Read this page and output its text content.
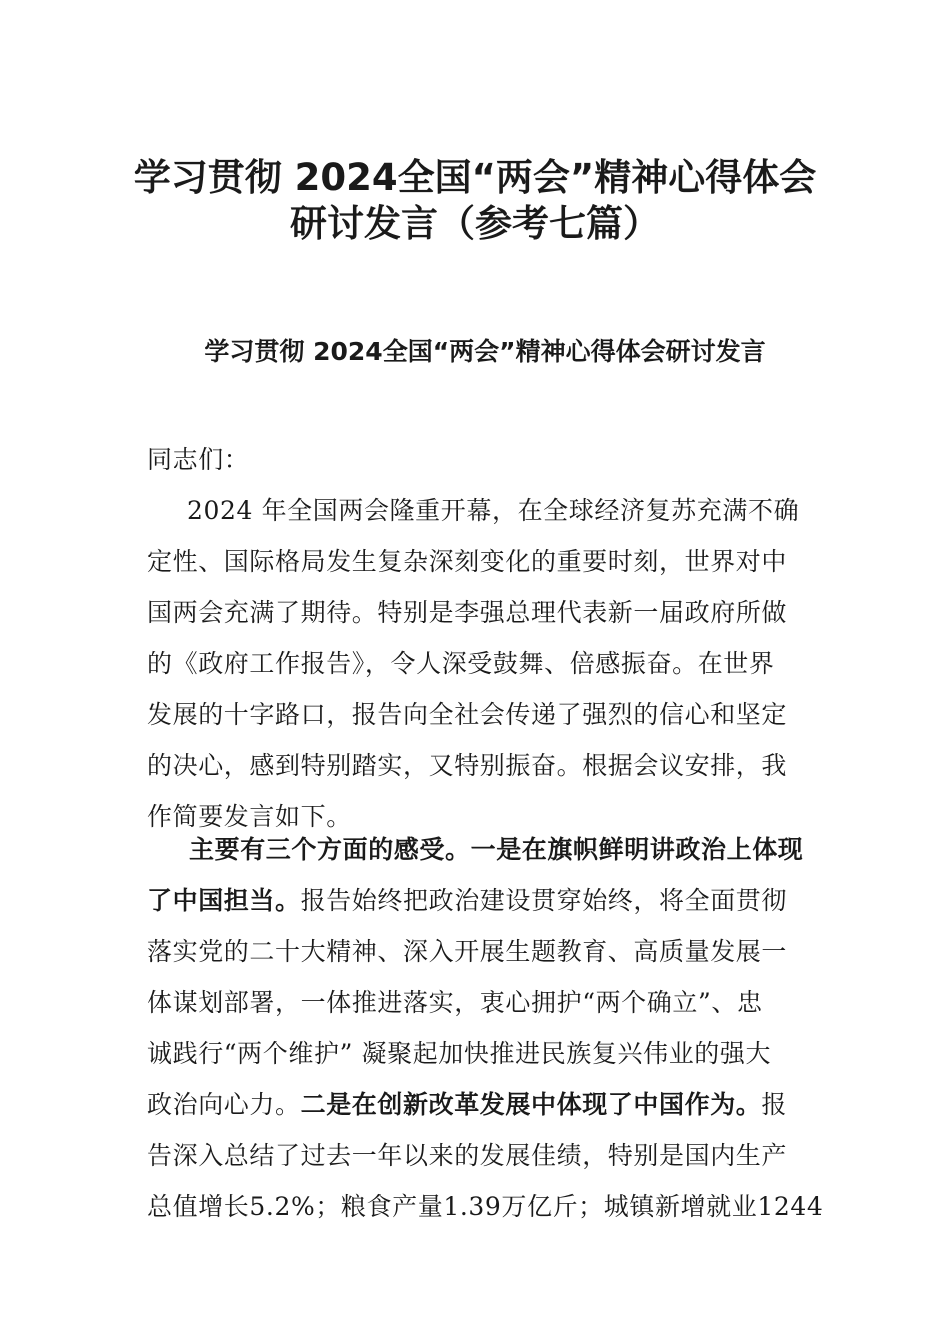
学习贯彻 2024全国“两会”精神心得体会
研讨发言（参考七篇）
学习贯彻 2024全国“两会”精神心得体会研讨发言
同志们：
2024 年全国两会隆重开幕，在全球经济复苏充满不确
定性、国际格局发生复杂深刻变化的重要时刻，世界对中
国两会充满了期待。特别是李强总理代表新一届政府所做
的《政府工作报告》，令人深受鼓舞、倍感振奋。在世界
发展的十字路口，报告向全社会传递了强烈的信心和坚定
的决心，感到特别踏实，又特别振奋。根据会议安排，我
作简要发言如下。
主要有三个方面的感受。一是在旗帜鲜明讲政治上体现
了中国担当。报告始终把政治建设贯穿始终，将全面贯彻
落实党的二十大精神、深入开展生题教育、高质量发展一
体谋划部署，一体推进落实，衷心拥护“两个确立”、忠
诚践行“两个维护” 凝聚起加快推进民族复兴伟业的强大
政治向心力。二是在创新改革发展中体现了中国作为。报
告深入总结了过去一年以来的发展佳绩，特别是国内生产
总值增长5.2%；粮食产量1.39万亿斤；城镇新增就业1244
